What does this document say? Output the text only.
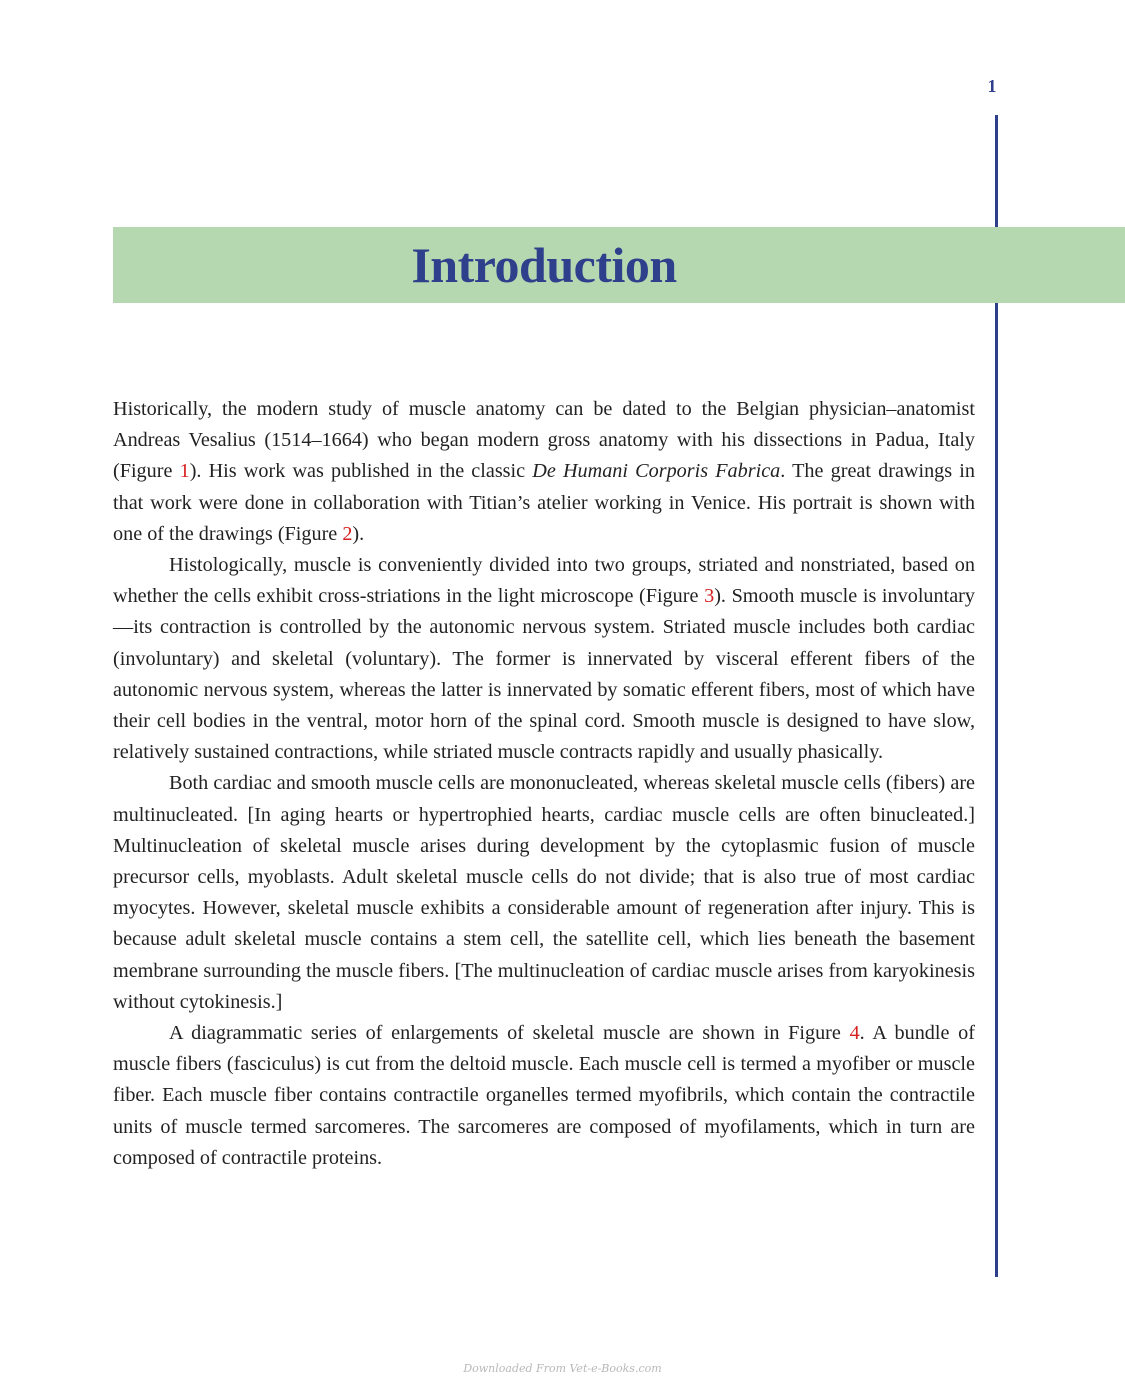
1
Introduction

Historically, the modern study of muscle anatomy can be dated to the Belgian physician–anatomist Andreas Vesalius (1514–1664) who began modern gross anatomy with his dissections in Padua, Italy (Figure 1). His work was published in the classic De Humani Corporis Fabrica. The great drawings in that work were done in collaboration with Titian’s atelier working in Venice. His portrait is shown with one of the drawings (Figure 2).

Histologically, muscle is conveniently divided into two groups, striated and nonstriated, based on whether the cells exhibit cross-striations in the light microscope (Figure 3). Smooth muscle is involuntary—its contraction is controlled by the autonomic nervous system. Striated muscle includes both cardiac (involuntary) and skeletal (voluntary). The former is innervated by visceral efferent fibers of the autonomic nervous system, whereas the latter is innervated by somatic efferent fibers, most of which have their cell bodies in the ventral, motor horn of the spinal cord. Smooth muscle is designed to have slow, relatively sustained contractions, while striated muscle contracts rapidly and usually phasically.

Both cardiac and smooth muscle cells are mononucleated, whereas skeletal muscle cells (fibers) are multinucleated. [In aging hearts or hypertrophied hearts, cardiac muscle cells are often binucleated.] Multinucleation of skeletal muscle arises during development by the cytoplasmic fusion of muscle precursor cells, myoblasts. Adult skeletal muscle cells do not divide; that is also true of most cardiac myocytes. However, skeletal muscle exhibits a considerable amount of regeneration after injury. This is because adult skeletal muscle contains a stem cell, the satellite cell, which lies beneath the basement membrane surrounding the muscle fibers. [The multinucleation of cardiac muscle arises from karyokinesis without cytokinesis.]

A diagrammatic series of enlargements of skeletal muscle are shown in Figure 4. A bundle of muscle fibers (fasciculus) is cut from the deltoid muscle. Each muscle cell is termed a myofiber or muscle fiber. Each muscle fiber contains contractile organelles termed myofibrils, which contain the contractile units of muscle termed sarcomeres. The sarcomeres are composed of myofilaments, which in turn are composed of contractile proteins.

Downloaded From Vet-e-Books.com
